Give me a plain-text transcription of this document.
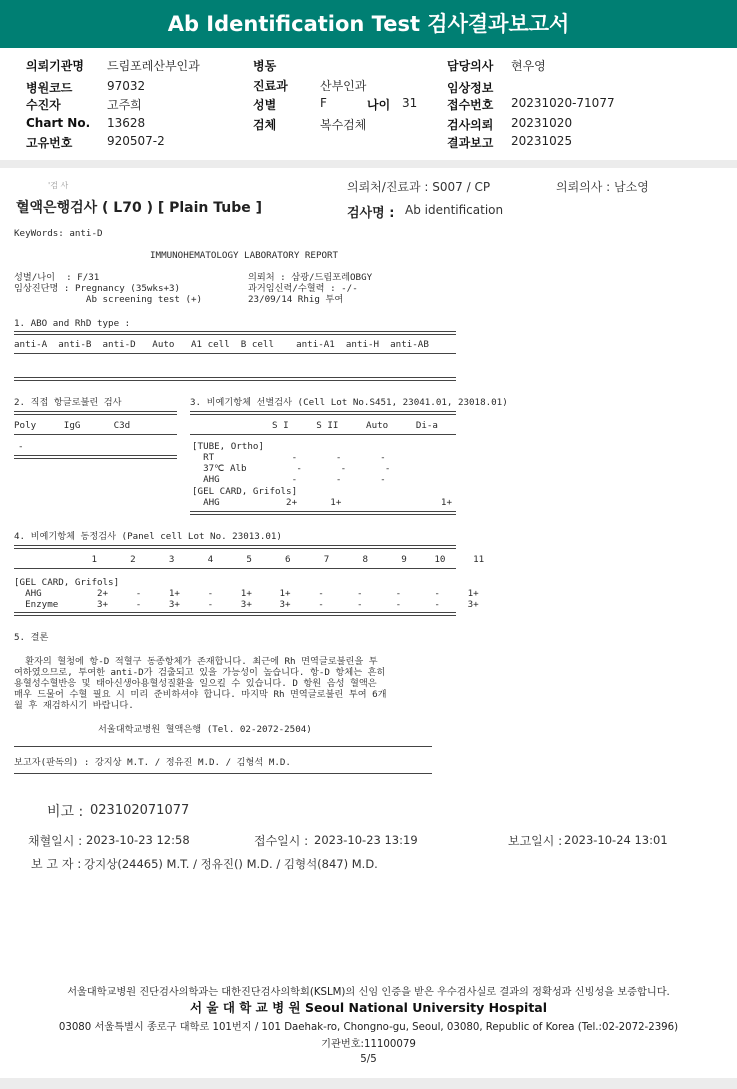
Ab Identification Test 검사결과보고서
의뢰기관명 드림포레산부인과
병원코드	97032
수진자	고주희
Chart No. 13628
고유번호	920507-2
병동
진료과	산부인과
성별	F	나이 31
검체	복수검체
담당의사 현우영
임상정보
접수번호 20231020-71077
검사의뢰 20231020
결과보고 20231025
'검 사	의뢰처/진료과 : S007 / CP	의뢰의사 : 남소영
혈액은행검사 ( L70 ) [ Plain Tube ]	검사명 : Ab identification
KeyWords: anti-D
IMMUNOHEMATOLOGY LABORATORY REPORT
성별/나이  : F/31
임상진단명 : Pregnancy (35wks+3)
Ab screening test (+)
의뢰처 : 삼광/드림포레OBGY
과거임신력/수혈력 : -/-
23/09/14 Rhig 투여
1. ABO and RhD type :
anti-A  anti-B  anti-D   Auto   A1 cell  B cell    anti-A1  anti-H  anti-AB
2. 직접 항글로불린 검사	3. 비예기항체 선별검사 (Cell Lot No.S451, 23041.01, 23018.01)
Poly     IgG      C3d	S I     S II     Auto     Di-a
-	[TUBE, Ortho]
RT              -       -       -
37℃ Alb         -       -       -
AHG             -       -       -
[GEL CARD, Grifols]
AHG            2+      1+                  1+
4. 비예기항체 동정검사 (Panel cell Lot No. 23013.01)
1      2      3      4      5      6      7      8      9     10     11
[GEL CARD, Grifols]
AHG          2+     -     1+     -     1+     1+     -      -      -      -     1+
Enzyme       3+     -     3+     -     3+     3+     -      -      -      -     3+
5. 결론
환자의 혈청에 항-D 적혈구 동종항체가 존재합니다. 최근에 Rh 면역글로불린을 투
여하였으므로, 투여한 anti-D가 검출되고 있을 가능성이 높습니다. 항-D 항체는 흔히
용혈성수혈반응 및 태아신생아용혈성질환을 일으킬 수 있습니다. D 항원 음성 혈액은
매우 드물어 수혈 필요 시 미리 준비하셔야 합니다. 마지막 Rh 면역글로불린 투여 6개
월 후 재검하시기 바랍니다.
서울대학교병원 혈액은행 (Tel. 02-2072-2504)
보고자(판독의) : 강지상 M.T. / 정유진 M.D. / 김형석 M.D.
비고 : 023102071077
채혈일시 : 2023-10-23 12:58	접수일시 : 2023-10-23 13:19	보고일시 : 2023-10-24 13:01
보 고 자 : 강지상(24465) M.T. / 정유진() M.D. / 김형석(847) M.D.
서울대학교병원 진단검사의학과는 대한진단검사의학회(KSLM)의 신임 인증을 받은 우수검사실로 결과의 정확성과 신빙성을 보증합니다.
서 울 대 학 교 병 원 Seoul National University Hospital
03080 서울특별시 종로구 대학로 101번지 / 101 Daehak-ro, Chongno-gu, Seoul, 03080, Republic of Korea (Tel.:02-2072-2396)
기관번호:11100079
5/5
